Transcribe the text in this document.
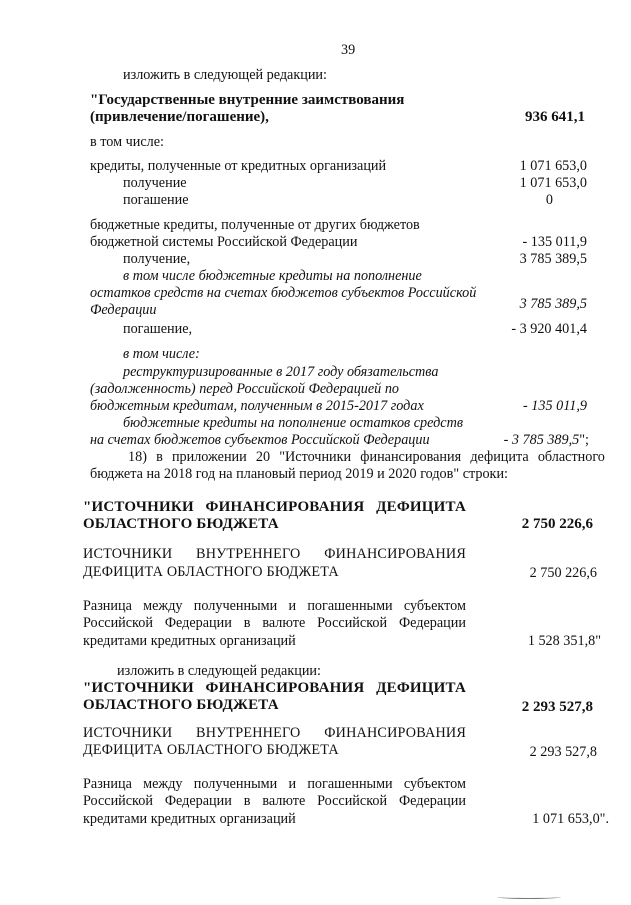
39
изложить в следующей редакции:
"Государственные внутренние заимствования
(привлечение/погашение),	936 641,1
в том числе:
кредиты, полученные от кредитных организаций	1 071 653,0
получение	1 071 653,0
погашение	0
бюджетные кредиты, полученные от других бюджетов
бюджетной системы Российской Федерации	- 135 011,9
получение,	3 785 389,5
в том числе бюджетные кредиты на пополнение
остатков средств на счетах бюджетов субъектов Российской
Федерации	3 785 389,5
погашение,	- 3 920 401,4
в том числе:
реструктуризированные в 2017 году обязательства
(задолженность) перед Российской Федерацией по
бюджетным кредитам, полученным в 2015-2017 годах	- 135 011,9
бюджетные кредиты на пополнение остатков средств
на счетах бюджетов субъектов Российской Федерации	- 3 785 389,5";
18) в приложении 20 "Источники финансирования дефицита областного
бюджета на 2018 год на плановый период 2019 и 2020 годов" строки:
"ИСТОЧНИКИ ФИНАНСИРОВАНИЯ ДЕФИЦИТА
ОБЛАСТНОГО БЮДЖЕТА	2 750 226,6
ИСТОЧНИКИ ВНУТРЕННЕГО ФИНАНСИРОВАНИЯ
ДЕФИЦИТА ОБЛАСТНОГО БЮДЖЕТА	2 750 226,6
Разница между полученными и погашенными субъектом
Российской Федерации в валюте Российской Федерации
кредитами кредитных организаций	1 528 351,8"
изложить в следующей редакции:
"ИСТОЧНИКИ ФИНАНСИРОВАНИЯ ДЕФИЦИТА
ОБЛАСТНОГО БЮДЖЕТА	2 293 527,8
ИСТОЧНИКИ ВНУТРЕННЕГО ФИНАНСИРОВАНИЯ
ДЕФИЦИТА ОБЛАСТНОГО БЮДЖЕТА	2 293 527,8
Разница между полученными и погашенными субъектом
Российской Федерации в валюте Российской Федерации
кредитами кредитных организаций	1 071 653,0".
